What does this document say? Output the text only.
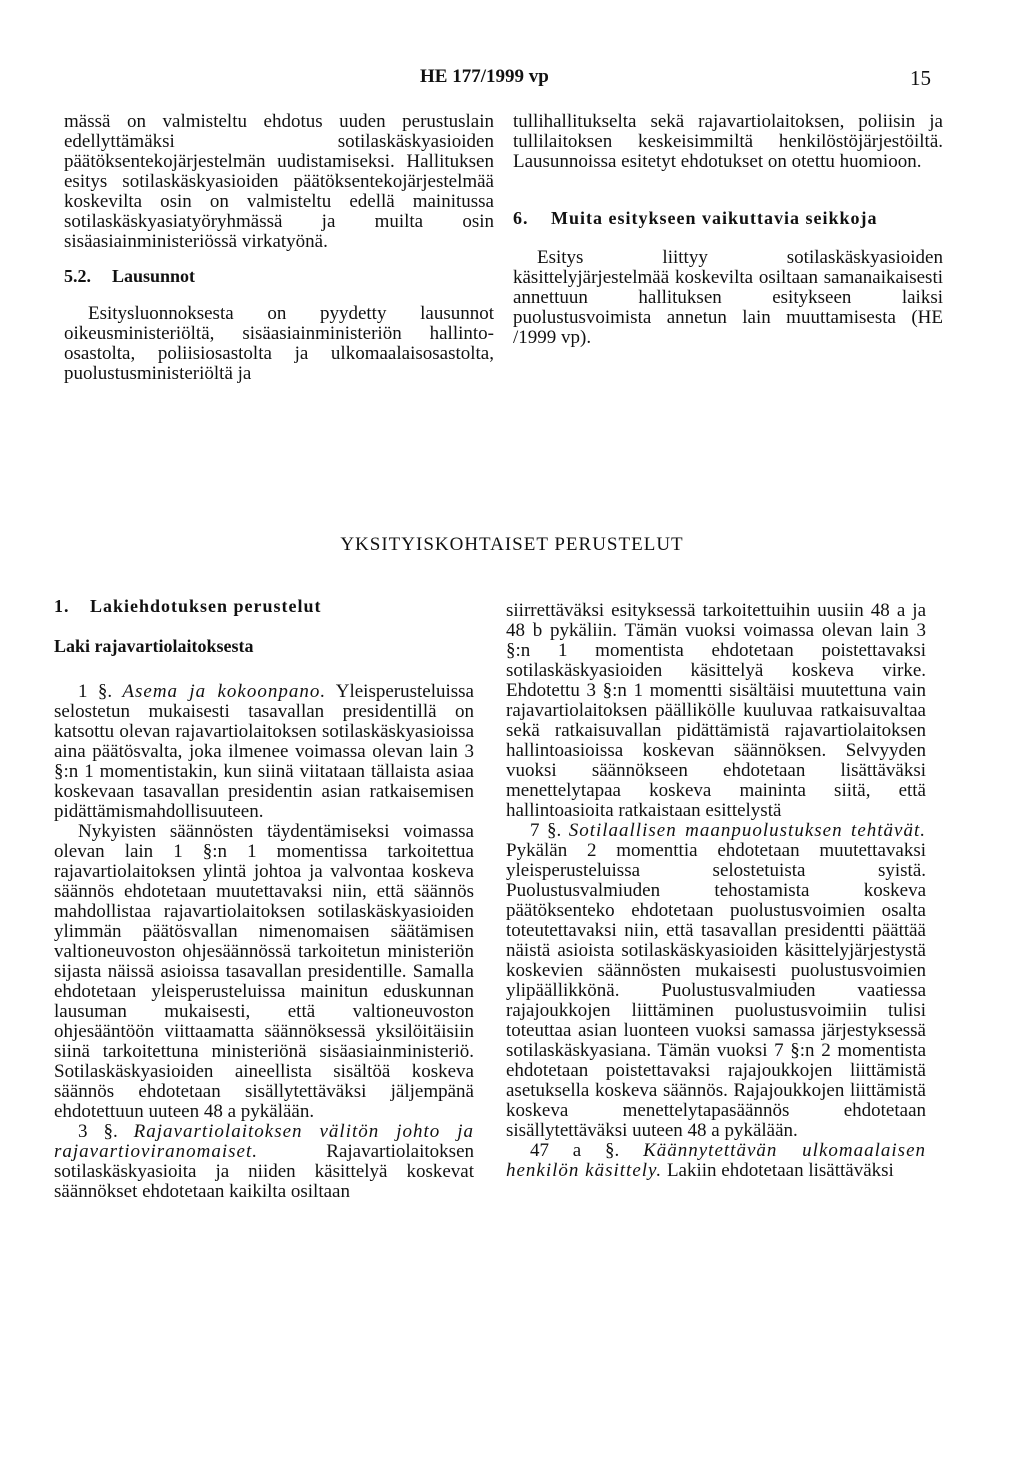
HE 177/1999 vp	15

mässä on valmisteltu ehdotus uuden perustuslain edellyttämäksi sotilaskäskyasioiden päätöksentekojärjestelmän uudistamiseksi. Hallituksen esitys sotilaskäskyasioiden päätöksentekojärjestelmää koskevilta osin on valmisteltu edellä mainitussa sotilaskäskyasiatyöryhmässä ja muilta osin sisäasiainministeriössä virkatyönä.

5.2.	Lausunnot

Esitysluonnoksesta on pyydetty lausunnot oikeusministeriöltä, sisäasiainministeriön hallinto-osastolta, poliisiosastolta ja ulkomaalaisosastolta, puolustusministeriöltä ja

tullihallitukselta sekä rajavartiolaitoksen, poliisin ja tullilaitoksen keskeisimmiltä henkilöstöjärjestöiltä. Lausunnoissa esitetyt ehdotukset on otettu huomioon.

6.	Muita esitykseen vaikuttavia seikkoja

Esitys liittyy sotilaskäskyasioiden käsittelyjärjestelmää koskevilta osiltaan samanaikaisesti annettuun hallituksen esitykseen laiksi puolustusvoimista annetun lain muuttamisesta (HE /1999 vp).

YKSITYISKOHTAISET PERUSTELUT
1. Lakiehdotuksen perustelut
Laki rajavartiolaitoksesta

1 §. Asema ja kokoonpano. Yleisperusteluissa selostetun mukaisesti tasavallan presidentillä on katsottu olevan rajavartiolaitoksen sotilaskäskyasioissa aina päätösvalta, joka ilmenee voimassa olevan lain 3 §:n 1 momentistakin, kun siinä viitataan tällaista asiaa koskevaan tasavallan presidentin asian ratkaisemisen pidättämismahdollisuuteen.

Nykyisten säännösten täydentämiseksi voimassa olevan lain 1 §:n 1 momentissa tarkoitettua rajavartiolaitoksen ylintä johtoa ja valvontaa koskeva säännös ehdotetaan muutettavaksi niin, että säännös mahdollistaa rajavartiolaitoksen sotilaskäskyasioiden ylimmän päätösvallan nimenomaisen säätämisen valtioneuvoston ohjesäännössä tarkoitetun ministeriön sijasta näissä asioissa tasavallan presidentille. Samalla ehdotetaan yleisperusteluissa mainitun eduskunnan lausuman mukaisesti, että valtioneuvoston ohjesääntöön viittaamatta säännöksessä yksilöitäisiin siinä tarkoitettuna ministeriönä sisäasiainministeriö. Sotilaskäskyasioiden aineellista sisältöä koskeva säännös ehdotetaan sisällytettäväksi jäljempänä ehdotettuun uuteen 48 a pykälään.

3 §. Rajavartiolaitoksen välitön johto ja rajavartioviranomaiset.	Rajavartiolaitoksen sotilaskäskyasioita ja niiden käsittelyä koskevat säännökset ehdotetaan kaikilta osiltaan

siirrettäväksi esityksessä tarkoitettuihin uusiin 48 a ja 48 b pykäliin. Tämän vuoksi voimassa olevan lain 3 §:n 1 momentista ehdotetaan poistettavaksi sotilaskäskyasioiden käsittelyä koskeva virke. Ehdotettu 3 §:n 1 momentti sisältäisi muutettuna vain rajavartiolaitoksen päällikölle kuuluvaa ratkaisuvaltaa sekä ratkaisuvallan pidättämistä rajavartiolaitoksen hallintoasioissa koskevan säännöksen. Selvyyden vuoksi säännökseen ehdotetaan lisättäväksi menettelytapaa koskeva maininta siitä, että hallintoasioita ratkaistaan esittelystä

7 §. Sotilaallisen maanpuolustuksen tehtävät. Pykälän 2 momenttia ehdotetaan muutettavaksi yleisperusteluissa selostetuista syistä. Puolustusvalmiuden tehostamista koskeva päätöksenteko ehdotetaan puolustusvoimien osalta toteutettavaksi niin, että tasavallan presidentti päättää näistä asioista sotilaskäskyasioiden käsittelyjärjestystä koskevien säännösten mukaisesti puolustusvoimien ylipäällikkönä. Puolustusvalmiuden vaatiessa rajajoukkojen liittäminen puolustusvoimiin tulisi toteuttaa asian luonteen vuoksi samassa järjestyksessä sotilaskäskyasiana. Tämän vuoksi 7 §:n 2 momentista ehdotetaan poistettavaksi rajajoukkojen liittämistä asetuksella koskeva säännös. Rajajoukkojen liittämistä koskeva menettelytapasäännös ehdotetaan sisällytettäväksi uuteen 48 a pykälään.

47 a §. Käännytettävän ulkomaalaisen henkilön käsittely. Lakiin ehdotetaan lisättäväksi
